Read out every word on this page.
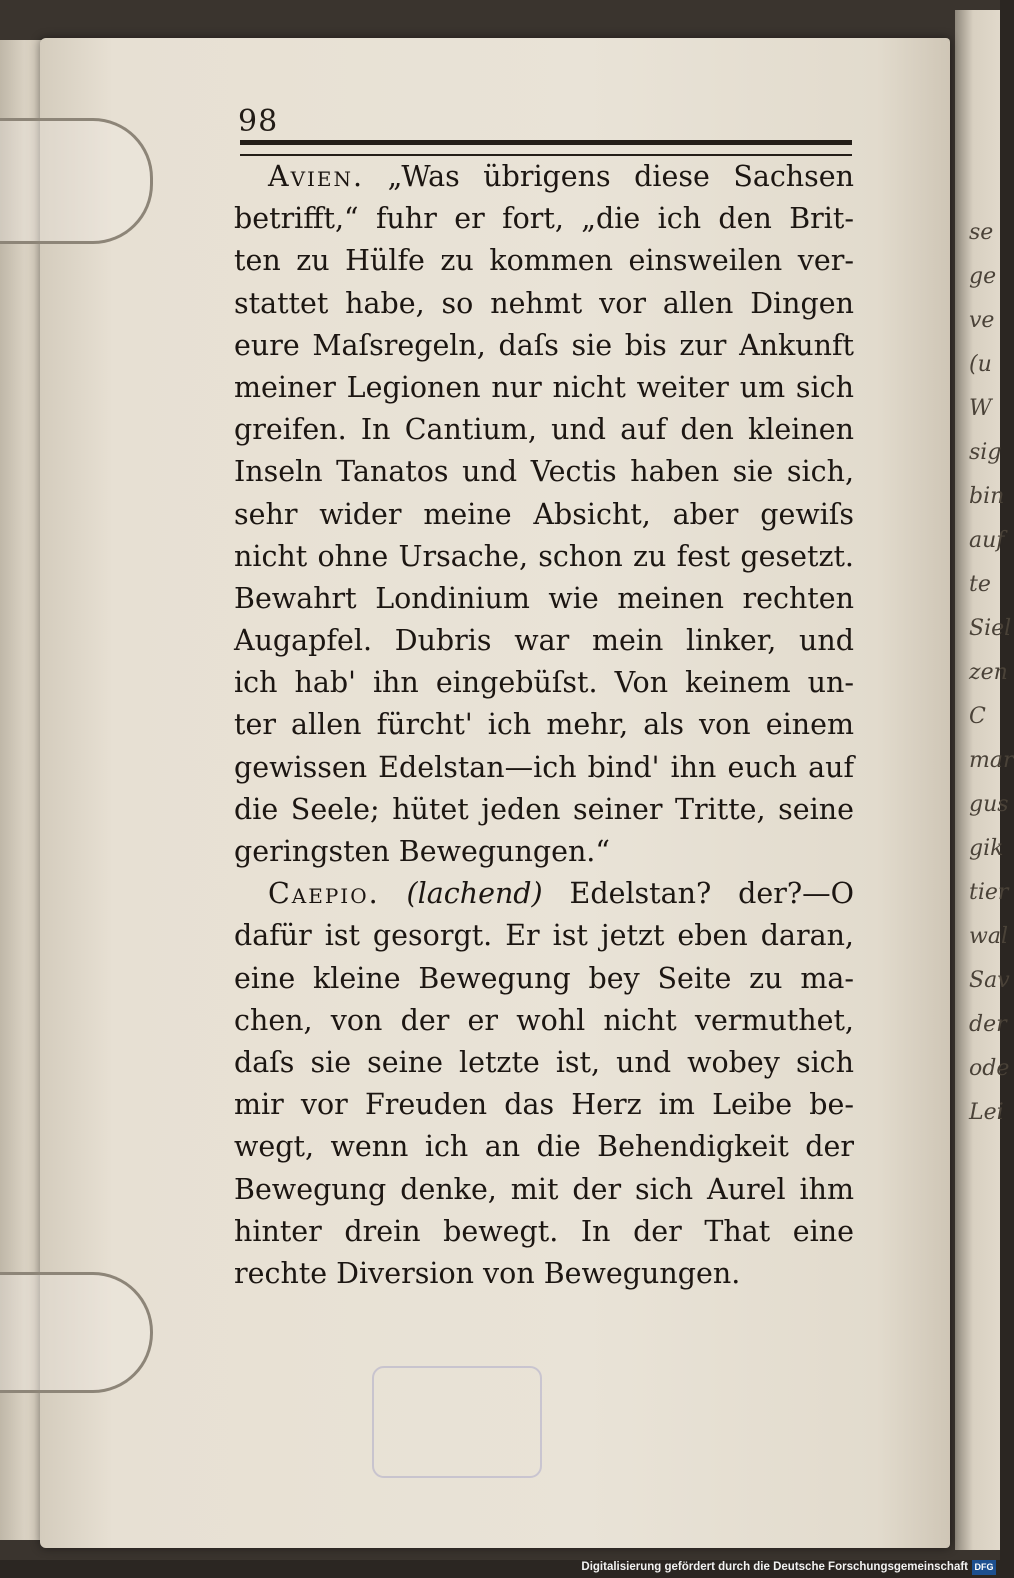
se
ge
ve
(u
W
sig
bin
auf
te
Siel
zen
C
mar
gus
gik
tier
wal
Sav
der
ode
Lei
98
Avien. „Was übrigens diese Sachsen
betrifft,“ fuhr er fort, „die ich den Brit-
ten zu Hülfe zu kommen einsweilen ver-
stattet habe, so nehmt vor allen Dingen
eure Maſsregeln, daſs sie bis zur Ankunft
meiner Legionen nur nicht weiter um sich
greifen. In Cantium, und auf den kleinen
Inseln Tanatos und Vectis haben sie sich,
sehr wider meine Absicht, aber gewiſs
nicht ohne Ursache, schon zu fest gesetzt.
Bewahrt Londinium wie meinen rechten
Augapfel. Dubris war mein linker, und
ich hab' ihn eingebüſst. Von keinem un-
ter allen fürcht' ich mehr, als von einem
gewissen Edelstan—ich bind' ihn euch auf
die Seele; hütet jeden seiner Tritte, seine
geringsten Bewegungen.“
Caepio. (lachend) Edelstan? der?—O
dafür ist gesorgt. Er ist jetzt eben daran,
eine kleine Bewegung bey Seite zu ma-
chen, von der er wohl nicht vermuthet,
daſs sie seine letzte ist, und wobey sich
mir vor Freuden das Herz im Leibe be-
wegt, wenn ich an die Behendigkeit der
Bewegung denke, mit der sich Aurel ihm
hinter drein bewegt. In der That eine
rechte Diversion von Bewegungen.
Digitalisierung gefördert durch die Deutsche Forschungsgemeinschaft DFG
